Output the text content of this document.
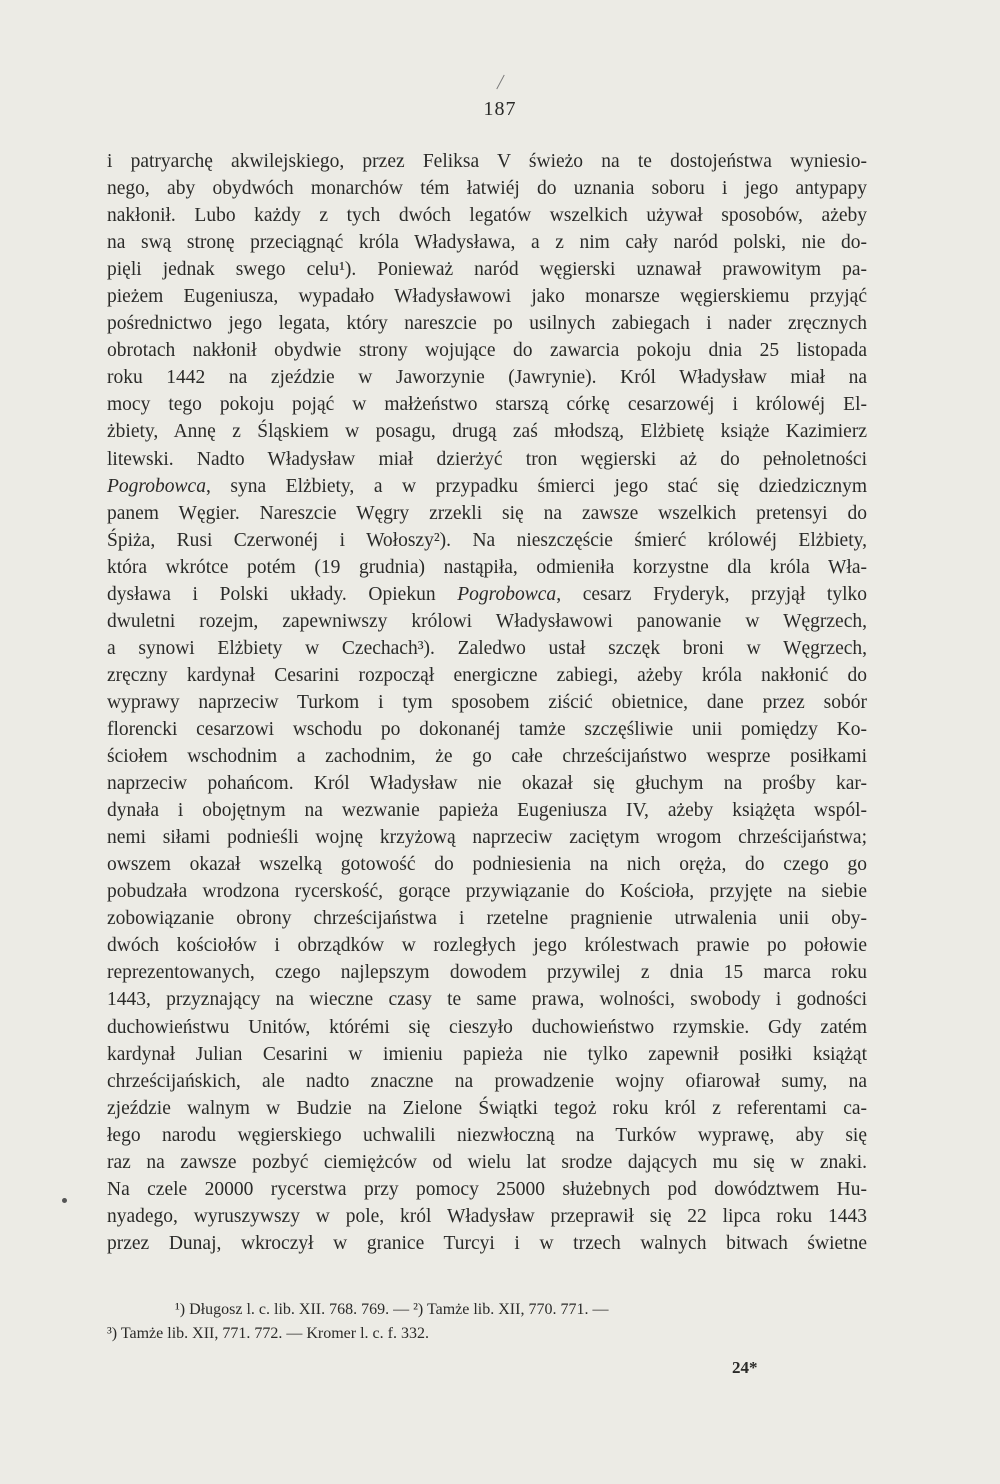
187
i patryarchę akwilejskiego, przez Feliksa V świeżo na te dostojeństwa wyniesio-
nego, aby obydwóch monarchów tém łatwiéj do uznania soboru i jego antypapy
nakłonił. Lubo każdy z tych dwóch legatów wszelkich używał sposobów, ażeby
na swą stronę przeciągnąć króla Władysława, a z nim cały naród polski, nie do-
pięli jednak swego celu¹). Ponieważ naród węgierski uznawał prawowitym pa-
pieżem Eugeniusza, wypadało Władysławowi jako monarsze węgierskiemu przyjąć
pośrednictwo jego legata, który nareszcie po usilnych zabiegach i nader zręcznych
obrotach nakłonił obydwie strony wojujące do zawarcia pokoju dnia 25 listopada
roku 1442 na zjeździe w Jaworzynie (Jawrynie). Król Władysław miał na
mocy tego pokoju pojąć w małżeństwo starszą córkę cesarzowéj i królowéj El-
żbiety, Annę z Śląskiem w posagu, drugą zaś młodszą, Elżbietę książe Kazimierz
litewski. Nadto Władysław miał dzierżyć tron węgierski aż do pełnoletności
Pogrobowca, syna Elżbiety, a w przypadku śmierci jego stać się dziedzicznym
panem Węgier. Nareszcie Węgry zrzekli się na zawsze wszelkich pretensyi do
Śpiża, Rusi Czerwonéj i Wołoszy²). Na nieszczęście śmierć królowéj Elżbiety,
która wkrótce potém (19 grudnia) nastąpiła, odmieniła korzystne dla króla Wła-
dysława i Polski układy. Opiekun Pogrobowca, cesarz Fryderyk, przyjął tylko
dwuletni rozejm, zapewniwszy królowi Władysławowi panowanie w Węgrzech,
a synowi Elżbiety w Czechach³). Zaledwo ustał szczęk broni w Węgrzech,
zręczny kardynał Cesarini rozpoczął energiczne zabiegi, ażeby króla nakłonić do
wyprawy naprzeciw Turkom i tym sposobem ziścić obietnice, dane przez sobór
florencki cesarzowi wschodu po dokonanéj tamże szczęśliwie unii pomiędzy Ko-
ściołem wschodnim a zachodnim, że go całe chrześcijaństwo wesprze posiłkami
naprzeciw pohańcom. Król Władysław nie okazał się głuchym na prośby kar-
dynała i obojętnym na wezwanie papieża Eugeniusza IV, ażeby książęta wspól-
nemi siłami podnieśli wojnę krzyżową naprzeciw zaciętym wrogom chrześcijaństwa;
owszem okazał wszelką gotowość do podniesienia na nich oręża, do czego go
pobudzała wrodzona rycerskość, gorące przywiązanie do Kościoła, przyjęte na siebie
zobowiązanie obrony chrześcijaństwa i rzetelne pragnienie utrwalenia unii oby-
dwóch kościołów i obrządków w rozległych jego królestwach prawie po połowie
reprezentowanych, czego najlepszym dowodem przywilej z dnia 15 marca roku
1443, przyznający na wieczne czasy te same prawa, wolności, swobody i godności
duchowieństwu Unitów, którémi się cieszyło duchowieństwo rzymskie. Gdy zatém
kardynał Julian Cesarini w imieniu papieża nie tylko zapewnił posiłki książąt
chrześcijańskich, ale nadto znaczne na prowadzenie wojny ofiarował sumy, na
zjeździe walnym w Budzie na Zielone Świątki tegoż roku król z referentami ca-
łego narodu węgierskiego uchwalili niezwłoczną na Turków wyprawę, aby się
raz na zawsze pozbyć ciemiężców od wielu lat srodze dających mu się w znaki.
Na czele 20000 rycerstwa przy pomocy 25000 służebnych pod dowództwem Hu-
nyadego, wyruszywszy w pole, król Władysław przeprawił się 22 lipca roku 1443
przez Dunaj, wkroczył w granice Turcyi i w trzech walnych bitwach świetne
¹) Długosz l. c. lib. XII. 768. 769. — ²) Tamże lib. XII, 770. 771. —
³) Tamże lib. XII, 771. 772. — Kromer l. c. f. 332.
24*
